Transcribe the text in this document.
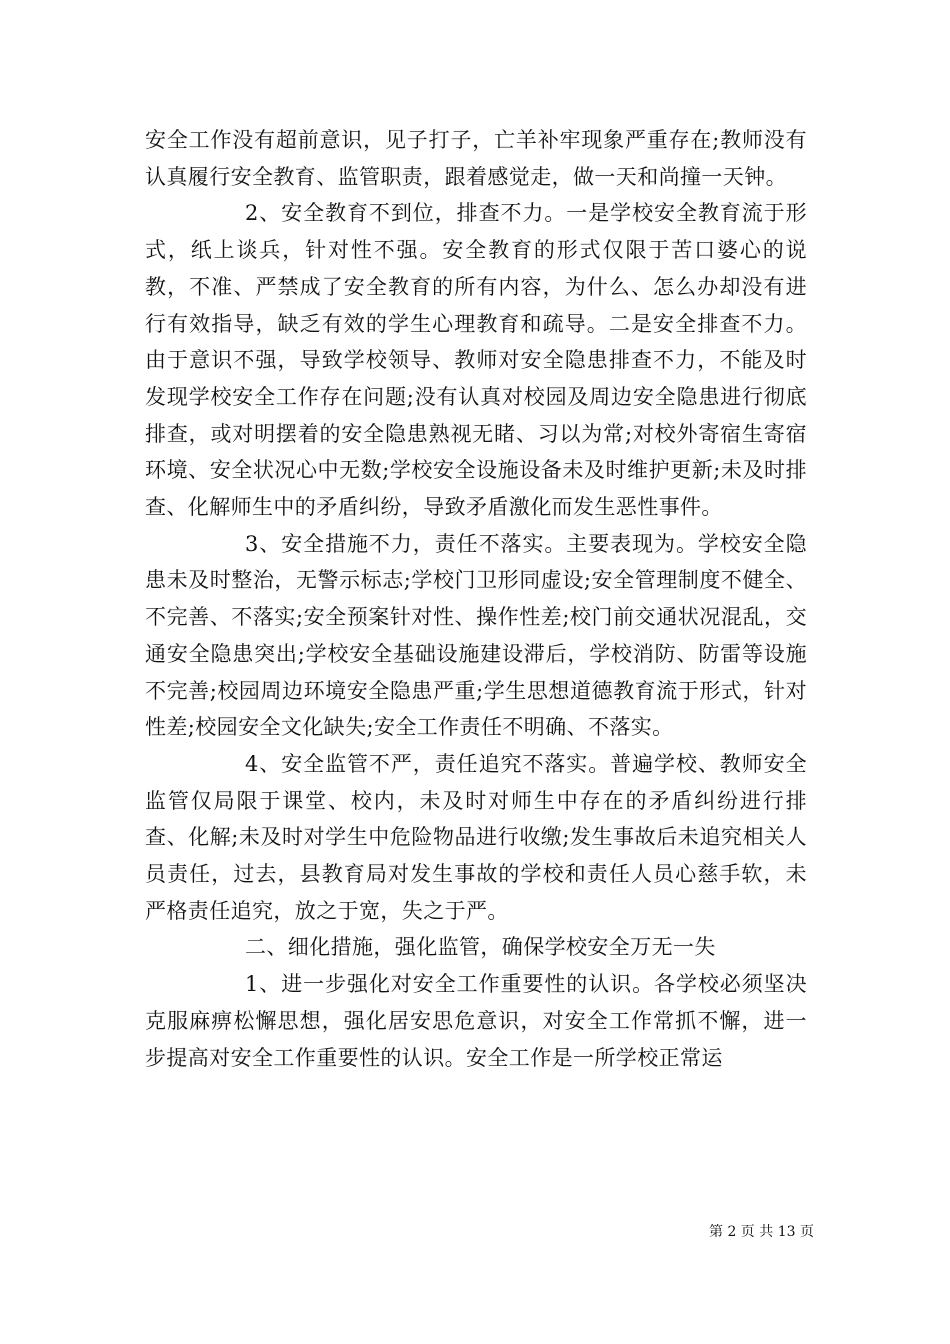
安全工作没有超前意识，见子打子，亡羊补牢现象严重存在;教师没有认真履行安全教育、监管职责，跟着感觉走，做一天和尚撞一天钟。

2、安全教育不到位，排查不力。一是学校安全教育流于形式，纸上谈兵，针对性不强。安全教育的形式仅限于苦口婆心的说教，不准、严禁成了安全教育的所有内容，为什么、怎么办却没有进行有效指导，缺乏有效的学生心理教育和疏导。二是安全排查不力。由于意识不强，导致学校领导、教师对安全隐患排查不力，不能及时发现学校安全工作存在问题;没有认真对校园及周边安全隐患进行彻底排查，或对明摆着的安全隐患熟视无睹、习以为常;对校外寄宿生寄宿环境、安全状况心中无数;学校安全设施设备未及时维护更新;未及时排查、化解师生中的矛盾纠纷，导致矛盾激化而发生恶性事件。

3、安全措施不力，责任不落实。主要表现为。学校安全隐患未及时整治，无警示标志;学校门卫形同虚设;安全管理制度不健全、不完善、不落实;安全预案针对性、操作性差;校门前交通状况混乱，交通安全隐患突出;学校安全基础设施建设滞后，学校消防、防雷等设施不完善;校园周边环境安全隐患严重;学生思想道德教育流于形式，针对性差;校园安全文化缺失;安全工作责任不明确、不落实。

4、安全监管不严，责任追究不落实。普遍学校、教师安全监管仅局限于课堂、校内，未及时对师生中存在的矛盾纠纷进行排查、化解;未及时对学生中危险物品进行收缴;发生事故后未追究相关人员责任，过去，县教育局对发生事故的学校和责任人员心慈手软，未严格责任追究，放之于宽，失之于严。

二、细化措施，强化监管，确保学校安全万无一失

1、进一步强化对安全工作重要性的认识。各学校必须坚决克服麻痹松懈思想，强化居安思危意识，对安全工作常抓不懈，进一步提高对安全工作重要性的认识。安全工作是一所学校正常运

第 2 页 共 13 页
